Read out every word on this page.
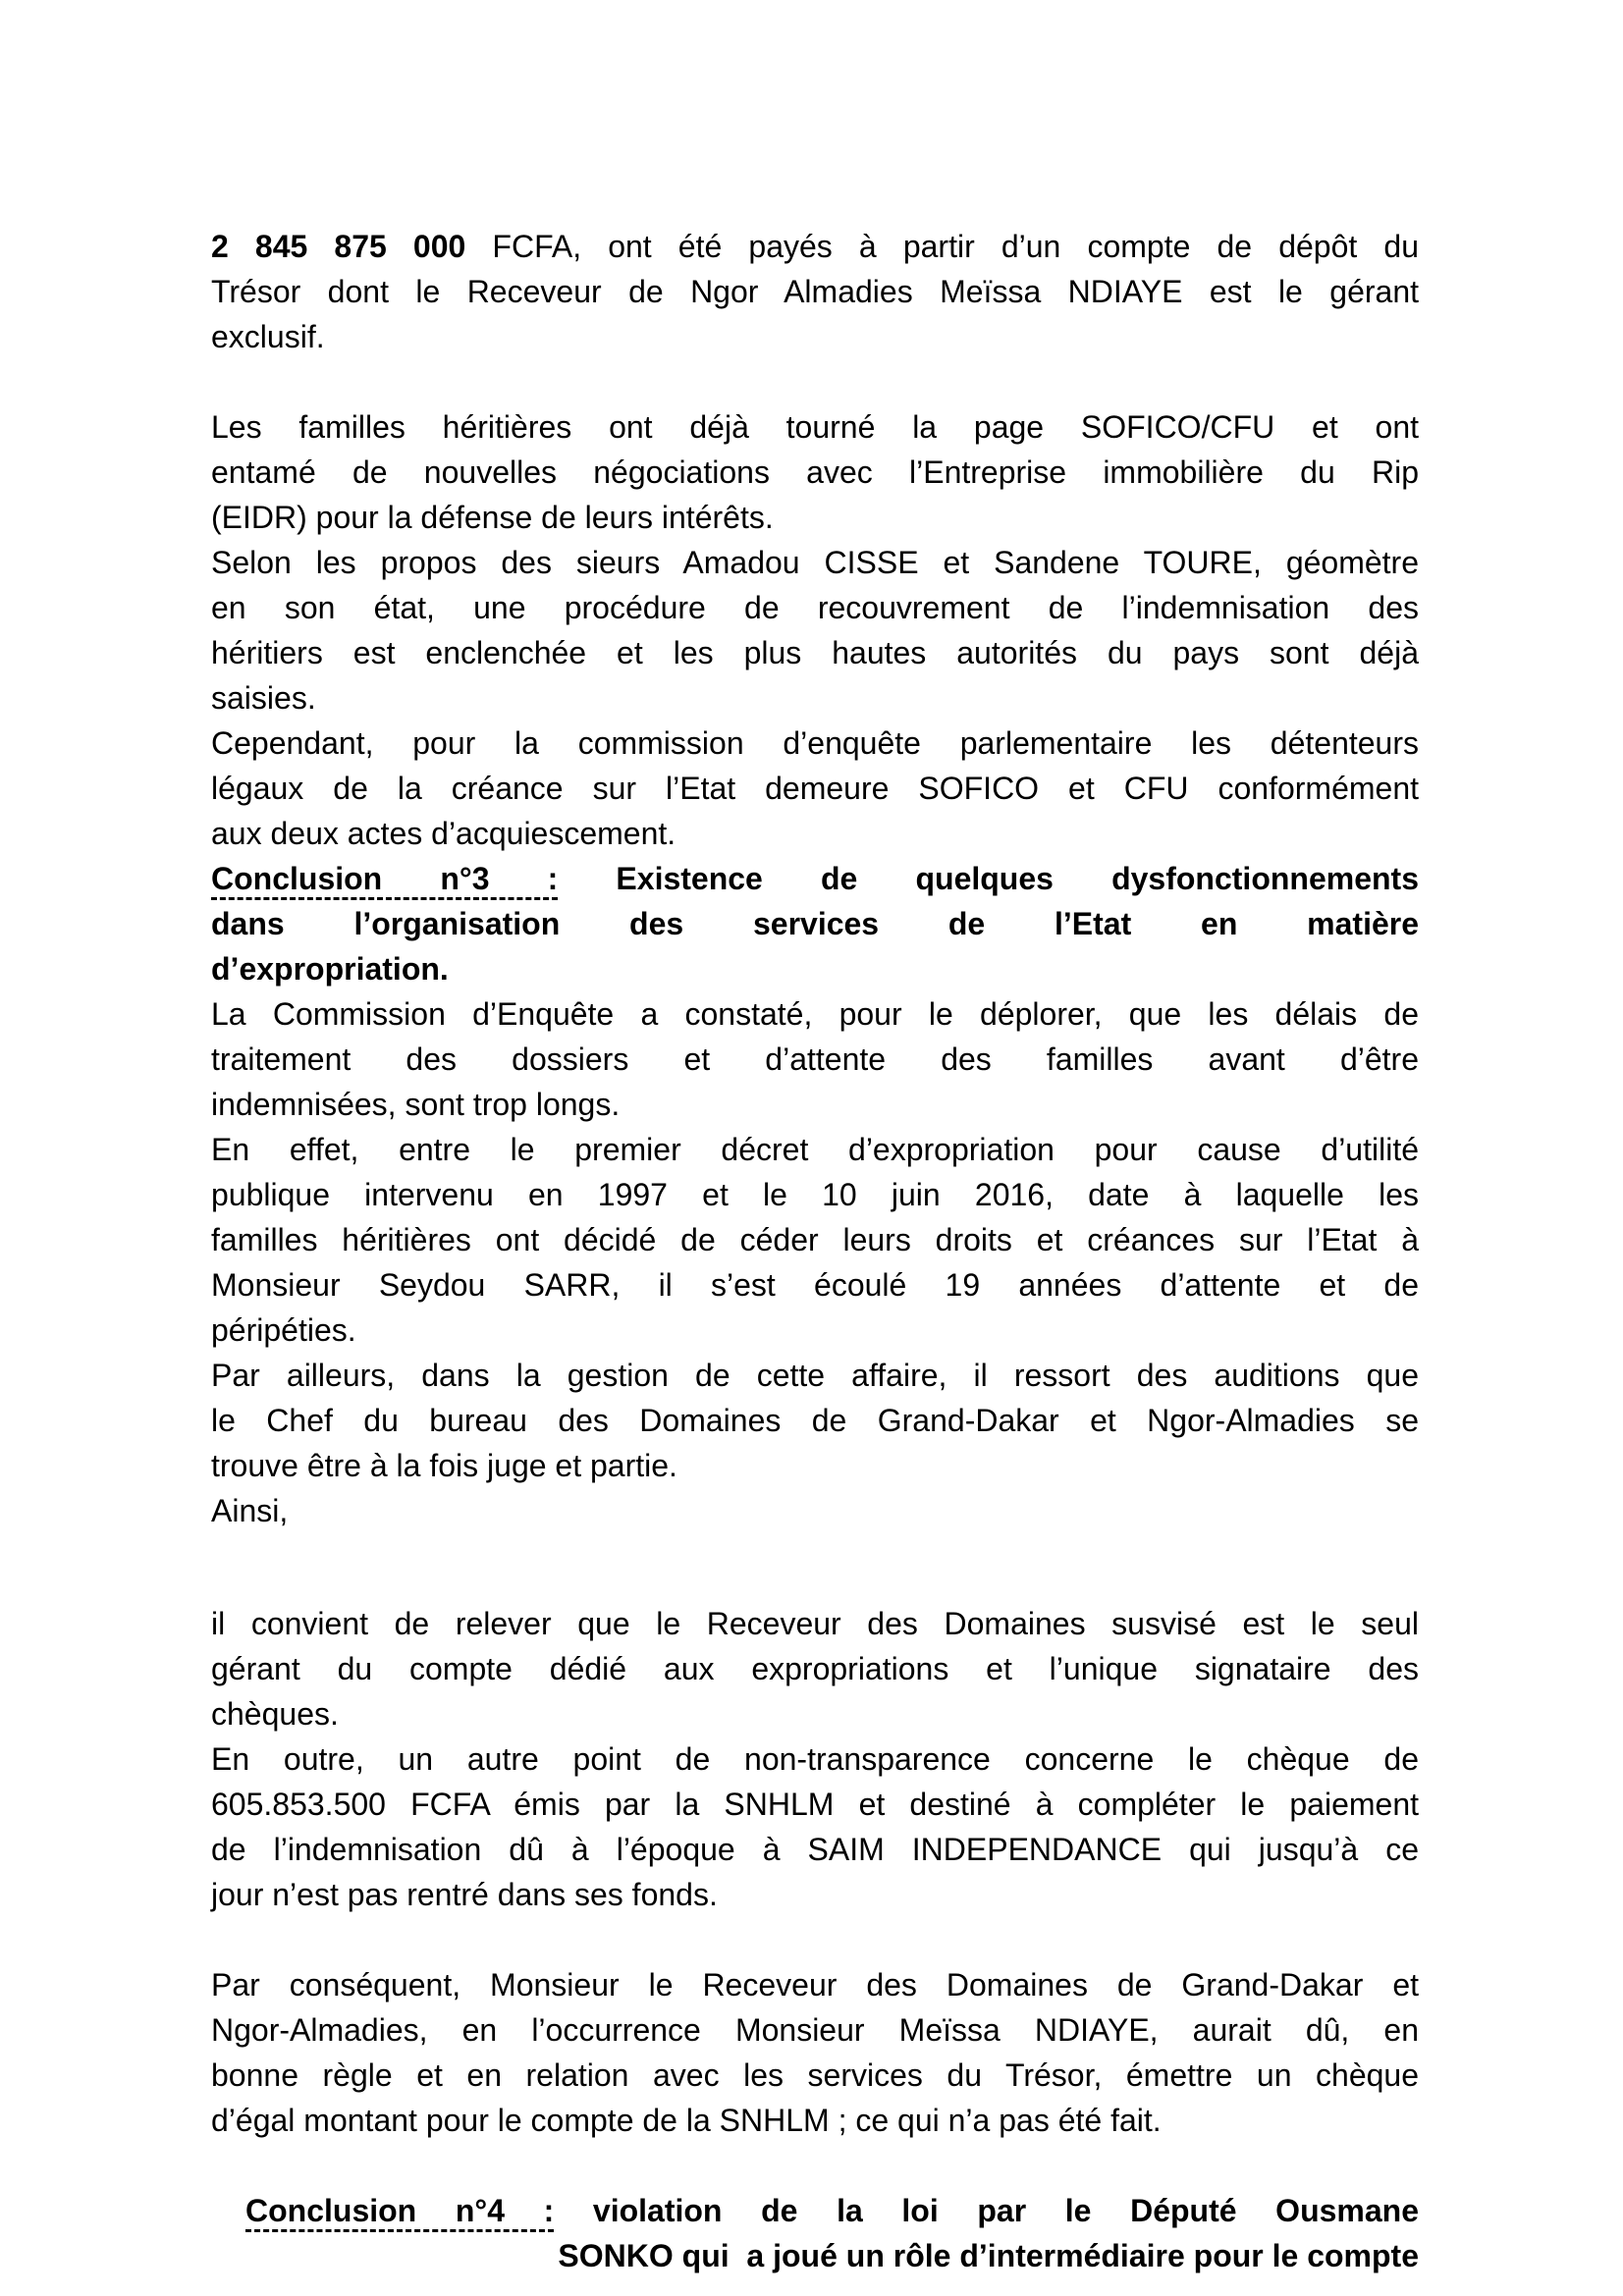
2 845 875 000 FCFA, ont été payés à partir d’un compte de dépôt du
Trésor dont le Receveur de Ngor Almadies Meïssa NDIAYE est le gérant
exclusif.
Les familles héritières ont déjà tourné la page SOFICO/CFU et ont
entamé de nouvelles négociations avec l’Entreprise immobilière du Rip
(EIDR) pour la défense de leurs intérêts.
Selon les propos des sieurs Amadou CISSE et Sandene TOURE, géomètre
en son état, une procédure de recouvrement de l’indemnisation des
héritiers est enclenchée et les plus hautes autorités du pays sont déjà
saisies.
Cependant, pour la commission d’enquête parlementaire les détenteurs
légaux de la créance sur l’Etat demeure SOFICO et CFU conformément
aux deux actes d’acquiescement.
Conclusion n°3 : Existence de quelques dysfonctionnements
dans l’organisation des services de l’Etat en matière
d’expropriation.
La Commission d’Enquête a constaté, pour le déplorer, que les délais de
traitement des dossiers et d’attente des familles avant d’être
indemnisées, sont trop longs.
En effet, entre le premier décret d’expropriation pour cause d’utilité
publique intervenu en 1997 et le 10 juin 2016, date à laquelle les
familles héritières ont décidé de céder leurs droits et créances sur l’Etat à
Monsieur Seydou SARR, il s’est écoulé 19 années d’attente et de
péripéties.
Par ailleurs, dans la gestion de cette affaire, il ressort des auditions que
le Chef du bureau des Domaines de Grand-Dakar et Ngor-Almadies se
trouve être à la fois juge et partie.
Ainsi,
il convient de relever que le Receveur des Domaines susvisé est le seul
gérant du compte dédié aux expropriations et l’unique signataire des
chèques.
En outre, un autre point de non-transparence concerne le chèque de
605.853.500 FCFA émis par la SNHLM et destiné à compléter le paiement
de l’indemnisation dû à l’époque à SAIM INDEPENDANCE qui jusqu’à ce
jour n’est pas rentré dans ses fonds.
Par conséquent, Monsieur le Receveur des Domaines de Grand-Dakar et
Ngor-Almadies, en l’occurrence Monsieur Meïssa NDIAYE, aurait dû, en
bonne règle et en relation avec les services du Trésor, émettre un chèque
d’égal montant pour le compte de la SNHLM ; ce qui n’a pas été fait.
Conclusion n°4 : violation de la loi par le Député Ousmane
SONKO qui  a joué un rôle d’intermédiaire pour le compte
